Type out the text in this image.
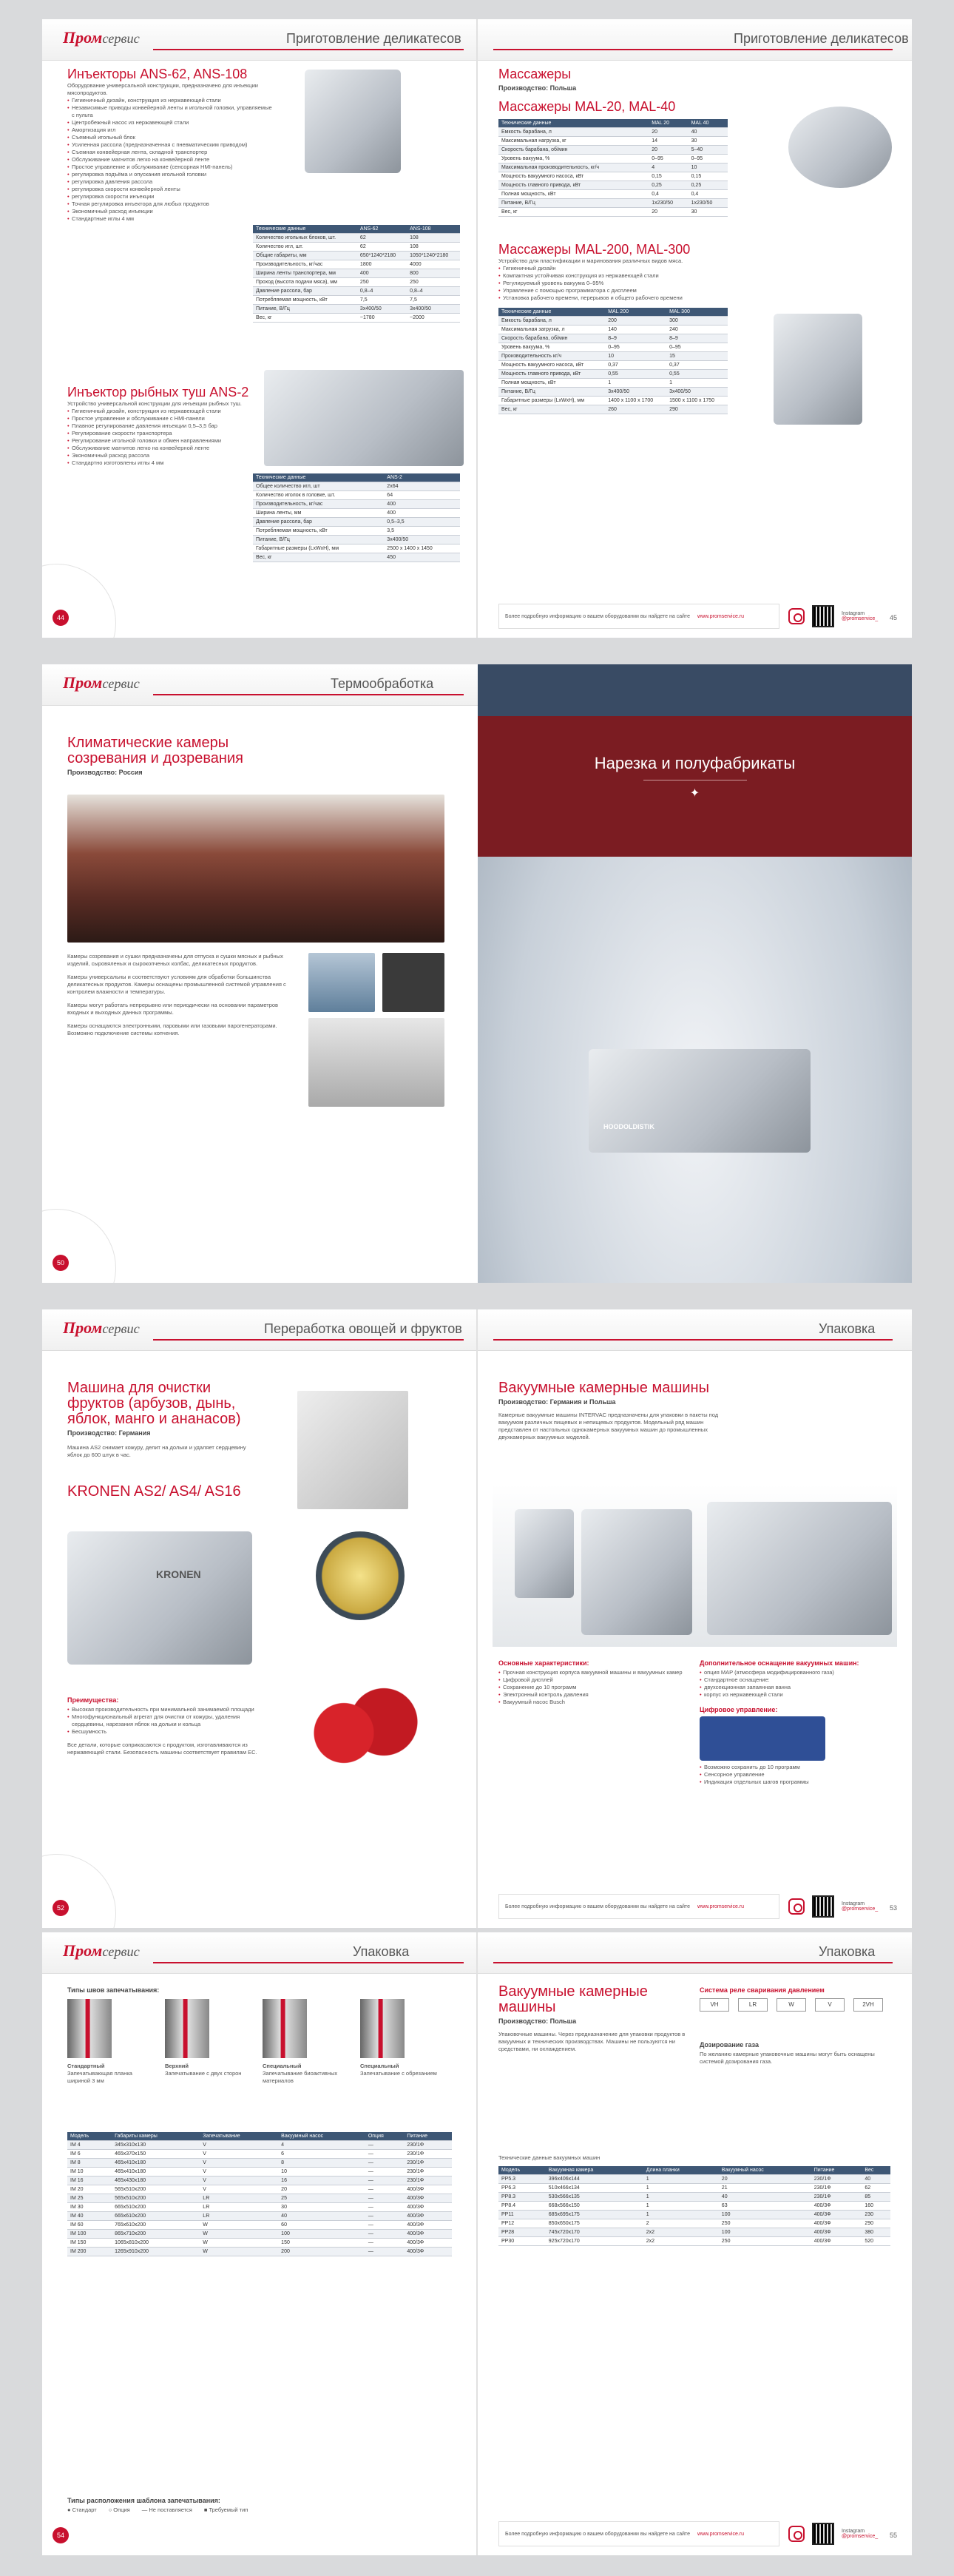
Промсервис	Приготовление деликатесов	Приготовление деликатесов
Инъекторы ANS-62, ANS-108
Оборудование универсальной конструкции, предназначено для инъекции мясопродуктов.
• Гигиеничный дизайн, конструкция из нержавеющей стали
• Независимые приводы конвейерной ленты и игольной головки, управляемые с пульта
• Центробежный насос из нержавеющей стали
• Амортизация игл
• Съемный игольный блок
• Усиленная рассола (предназначенная с пневматическим приводом)
• Съемная конвейерная лента, складной транспортер
• Обслуживание магнитов легко на конвейерной ленте
• Простое управление и обслуживание (сенсорная HMI-панель)
• регулировка подъёма и опускания игольной головки
• регулировка давления рассола
• регулировка скорости конвейерной ленты
• регулировка скорости инъекции
• Точная регулировка инъектора для любых продуктов
• Экономичный расход инъекции
• Стандартные иглы 4 мм
Технические данные	ANS-62	ANS-108
Количество игольных блоков, шт.	62	108
Количество игл, шт.	62	108
Общие габариты, мм	650*1240*2180	1050*1240*2180
Производительность, кг/час	1800	4000
Ширина ленты транспортера, мм	400	800
Проход (высота подачи мяса), мм	250	250
Давление рассола, бар	0,8–4	0,8–4
Потребляемая мощность, кВт	7,5	7,5
Питание, В/Гц	3х400/50	3х400/50
Вес, кг	~1780	~2000
Инъектор рыбных туш ANS-2
Устройство универсальной конструкции для инъекции рыбных туш.
• Гигиеничный дизайн, конструкция из нержавеющей стали
• Простое управление и обслуживание с HMI-панели
• Плавное регулирование давления инъекции 0,5–3,5 бар
• Регулирование скорости транспортера
• Регулирование игольной головки и обмен направлениями
• Обслуживание магнитов легко на конвейерной ленте
• Экономичный расход рассола
• Стандартно изготовлены иглы 4 мм
Технические данные	ANS-2
Общее количество игл, шт	2х64
Количество иголок в головке, шт.	64
Производительность, кг/час	400
Ширина ленты, мм	400
Давление рассола, бар	0,5–3,5
Потребляемая мощность, кВт	3,5
Питание, В/Гц	3х400/50
Габаритные размеры (LxWxH), мм	2500 х 1400 х 1450
Вес, кг	450
44
Массажеры
Производство: Польша
Массажеры MAL-20, MAL-40
Технические данные	MAL 20	MAL 40
Емкость барабана, л	20	40
Максимальная нагрузка, кг	14	30
Скорость барабана, об/мин	20	5–40
Уровень вакуума, %	0–95	0–95
Максимальная производительность, кг/ч	4	10
Мощность вакуумного насоса, кВт	0,15	0,15
Мощность главного привода, кВт	0,25	0,25
Полная мощность, кВт	0,4	0,4
Питание, В/Гц	1х230/50	1х230/50
Вес, кг	20	30
Массажеры MAL-200, MAL-300
Устройство для пластификации и маринования различных видов мяса.
• Гигиеничный дизайн
• Компактная устойчивая конструкция из нержавеющей стали
• Регулируемый уровень вакуума 0–95%
• Управление с помощью программатора с дисплеем
• Установка рабочего времени, перерывов и общего рабочего времени
Технические данные	MAL 200	MAL 300
Емкость барабана, л	200	300
Максимальная загрузка, л	140	240
Скорость барабана, об/мин	8–9	8–9
Уровень вакуума, %	0–95	0–95
Производительность кг/ч	10	15
Мощность вакуумного насоса, кВт	0,37	0,37
Мощность главного привода, кВт	0,55	0,55
Полная мощность, кВт	1	1
Питание, В/Гц	3х400/50	3х400/50
Габаритные размеры (LxWxH), мм	1400 x 1100 x 1700	1500 x 1100 x 1750
Вес, кг	260	290
Более подробную информацию о вашем оборудовании вы найдете на сайте www.promservice.ru	Instagram
@promservice_	45
Промсервис	Термообработка
Климатические камеры созревания и дозревания
Производство: Россия
Камеры созревания и сушки предназначены для отпуска и сушки мясных и рыбных изделий, сыровяленых и сырокопченых колбас, деликатесных продуктов.
Камеры универсальны и соответствуют условиям для обработки большинства деликатесных продуктов. Камеры оснащены промышленной системой управления с контролем влажности и температуры.
Камеры могут работать непрерывно или периодически на основании параметров входных и выходных данных программы.
Камеры оснащаются электронными, паровыми или газовыми парогенераторами. Возможно подключение системы копчения.
50
Нарезка и полуфабрикаты
✦
HOODOLDISTIK
Промсервис	Переработка овощей и фруктов	Упаковка
Машина для очистки фруктов (арбузов, дынь, яблок, манго и ананасов)
Производство: Германия
Машина AS2 снимает кожуру, делит на дольки и удаляет сердцевину яблок до 600 штук в час.
KRONEN AS2/ AS4/ AS16
KRONEN
Преимущества:
• Высокая производительность при минимальной занимаемой площади
• Многофункциональный агрегат для очистки от кожуры, удаления сердцевины, нарезания яблок на дольки и кольца
• Бесшумность
Все детали, которые соприкасаются с продуктом, изготавливаются из нержавеющей стали. Безопасность машины соответствует правилам ЕС.
52
Вакуумные камерные машины
Производство: Германия и Польша
Камерные вакуумные машины INTERVAC предназначены для упаковки в пакеты под вакуумом различных пищевых и непищевых продуктов. Модельный ряд машин представлен от настольных однокамерных вакуумных машин до промышленных двухкамерных вакуумных моделей.
Основные характеристики:
• Прочная конструкция корпуса вакуумной машины и вакуумных камер
• Цифровой дисплей
• Сохранение до 10 программ
• Электронный контроль давления
• Вакуумный насос Busch
Дополнительное оснащение вакуумных машин:
• опция MAP (атмосфера модифицированного газа)
• Стандартное оснащение:
• двухсекционная запаянная ванна
• корпус из нержавеющей стали
Цифровое управление:
• Возможно сохранить до 10 программ
• Сенсорное управление
• Индикация отдельных шагов программы
Более подробную информацию о вашем оборудовании вы найдете на сайте www.promservice.ru	Instagram
@promservice_	53
Промсервис	Упаковка	Упаковка
Типы швов запечатывания:
Стандартный
Запечатывающая планка шириной 3 мм
Верхний
Запечатывание с двух сторон
Специальный
Запечатывание биоактивных материалов
Специальный
Запечатывание с обрезанием
Модель	Габариты камеры	Запечатывание	Вакуумный насос	Опция	Питание
IM 4	345х310х130	V	4	—	230/1Ф
IM 6	465х370х150	V	6	—	230/1Ф
IM 8	465х410х180	V	8	—	230/1Ф
IM 10	465х410х180	V	10	—	230/1Ф
IM 16	465х430х180	V	16	—	230/1Ф
IM 20	565х510х200	V	20	—	400/3Ф
IM 25	565х510х200	LR	25	—	400/3Ф
IM 30	665х510х200	LR	30	—	400/3Ф
IM 40	665х610х200	LR	40	—	400/3Ф
IM 60	765х610х200	W	60	—	400/3Ф
IM 100	865х710х200	W	100	—	400/3Ф
IM 150	1065х810х200	W	150	—	400/3Ф
IM 200	1265х910х200	W	200	—	400/3Ф
Типы расположения шаблона запечатывания:
● Стандарт ○ Опция — Не поставляется ■ Требуемый тип
54
Вакуумные камерные машины
Производство: Польша
Упаковочные машины. Через предназначение для упаковки продуктов в вакуумных и технических производствах. Машины не пользуются ни средствами, ни охлаждением.
Система реле сваривания давлением
VH	LR	W	V	2VH
Дозирование газа
По желанию камерные упаковочные машины могут быть оснащены системой дозирования газа.
Технические данные вакуумных машин
Модель	Вакуумная камера	Длина планки	Вакуумный насос	Питание	Вес
PP5.3	396х406х144	1	20	230/1Ф	40
PP6.3	510х466х134	1	21	230/1Ф	62
PP8.3	530х566х135	1	40	230/1Ф	85
PP8.4	668х566х150	1	63	400/3Ф	160
PP11	685х695х175	1	100	400/3Ф	230
PP12	850х650х175	2	250	400/3Ф	290
PP28	745х720х170	2х2	100	400/3Ф	380
PP30	925х720х170	2х2	250	400/3Ф	520
Более подробную информацию о вашем оборудовании вы найдете на сайте www.promservice.ru	Instagram
@promservice_	55
